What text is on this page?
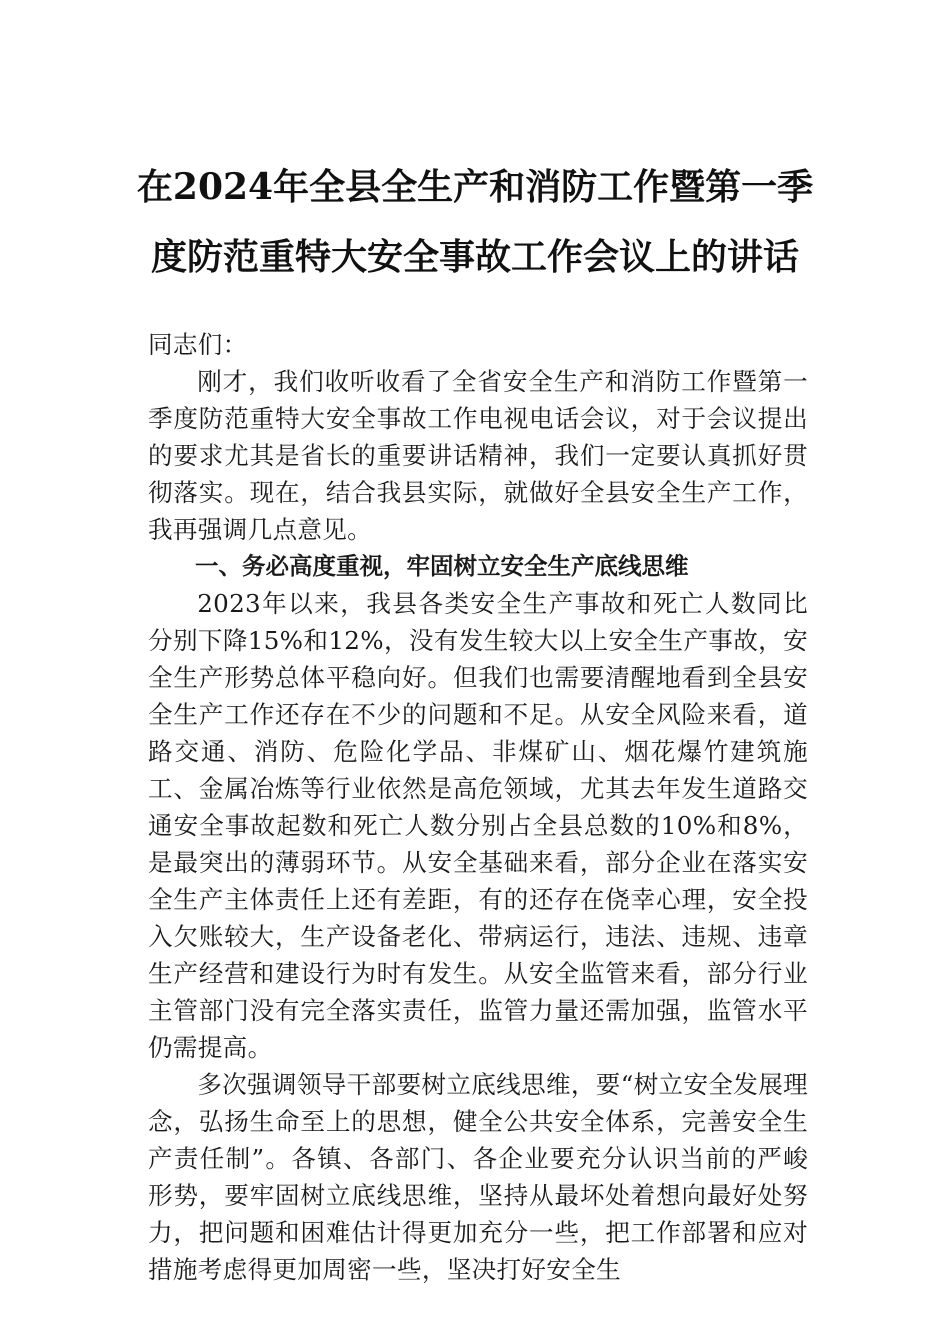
在2024年全县全生产和消防工作暨第一季
度防范重特大安全事故工作会议上的讲话

同志们：

刚才，我们收听收看了全省安全生产和消防工作暨第一季度防范重特大安全事故工作电视电话会议，对于会议提出的要求尤其是省长的重要讲话精神，我们一定要认真抓好贯彻落实。现在，结合我县实际，就做好全县安全生产工作，我再强调几点意见。

一、务必高度重视，牢固树立安全生产底线思维

2023年以来，我县各类安全生产事故和死亡人数同比分别下降15%和12%，没有发生较大以上安全生产事故，安全生产形势总体平稳向好。但我们也需要清醒地看到全县安全生产工作还存在不少的问题和不足。从安全风险来看，道路交通、消防、危险化学品、非煤矿山、烟花爆竹建筑施工、金属冶炼等行业依然是高危领域，尤其去年发生道路交通安全事故起数和死亡人数分别占全县总数的10%和8%，是最突出的薄弱环节。从安全基础来看，部分企业在落实安全生产主体责任上还有差距，有的还存在侥幸心理，安全投入欠账较大，生产设备老化、带病运行，违法、违规、违章生产经营和建设行为时有发生。从安全监管来看，部分行业主管部门没有完全落实责任，监管力量还需加强，监管水平仍需提高。

多次强调领导干部要树立底线思维，要“树立安全发展理念，弘扬生命至上的思想，健全公共安全体系，完善安全生产责任制”。各镇、各部门、各企业要充分认识当前的严峻形势，要牢固树立底线思维，坚持从最坏处着想向最好处努力，把问题和困难估计得更加充分一些，把工作部署和应对措施考虑得更加周密一些，坚决打好安全生
